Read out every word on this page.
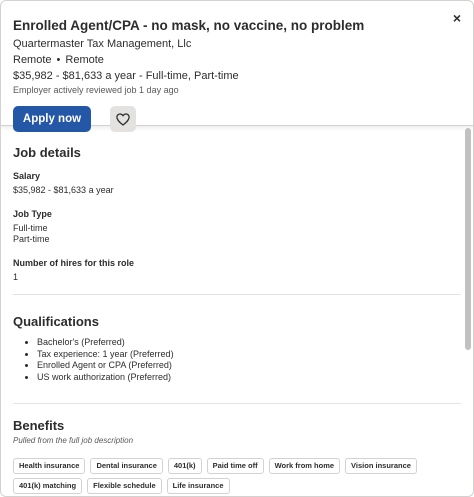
×
Enrolled Agent/CPA - no mask, no vaccine, no problem
Quartermaster Tax Management, Llc
Remote • Remote
$35,982 - $81,633 a year - Full-time, Part-time
Employer actively reviewed job 1 day ago
Apply now
Job details
Salary
$35,982 - $81,633 a year
Job Type
Full-time
Part-time
Number of hires for this role
1
Qualifications
• Bachelor's (Preferred)
• Tax experience: 1 year (Preferred)
• Enrolled Agent or CPA (Preferred)
• US work authorization (Preferred)
Benefits
Pulled from the full job description
Health insurance	Dental insurance	401(k)	Paid time off	Work from home	Vision insurance
401(k) matching	Flexible schedule	Life insurance
